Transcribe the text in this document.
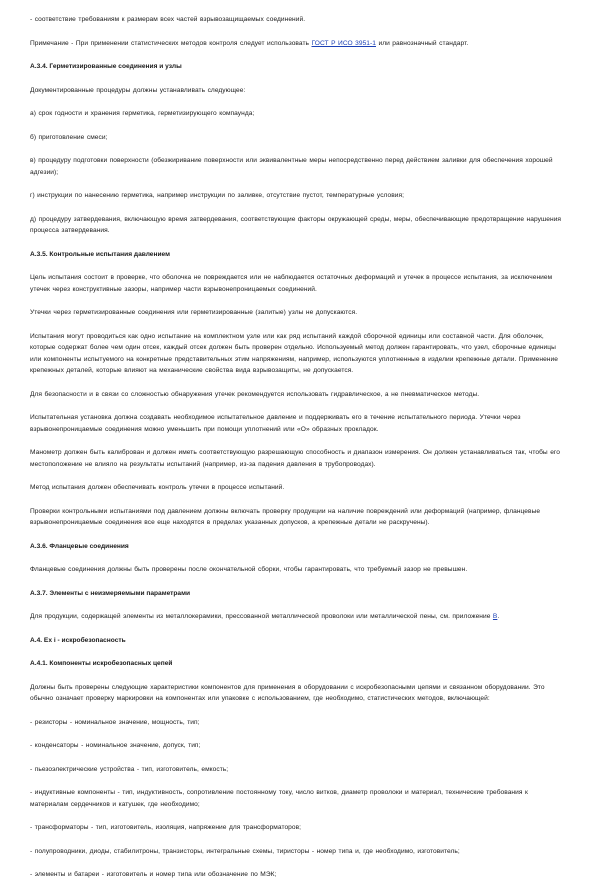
- соответствие требованиям к размерам всех частей взрывозащищаемых соединений.

Примечание - При применении статистических методов контроля следует использовать ГОСТ Р ИСО 3951-1 или равнозначный стандарт.

А.3.4. Герметизированные соединения и узлы

Документированные процедуры должны устанавливать следующее:

а) срок годности и хранения герметика, герметизирующего компаунда;

б) приготовление смеси;

в) процедуру подготовки поверхности (обезжиривание поверхности или эквивалентные меры непосредственно перед действием заливки для обеспечения хорошей адгезии);

г) инструкции по нанесению герметика, например инструкции по заливке, отсутствие пустот, температурные условия;

д) процедуру затвердевания, включающую время затвердевания, соответствующие факторы окружающей среды, меры, обеспечивающие предотвращение нарушения процесса затвердевания.

А.3.5. Контрольные испытания давлением

Цель испытания состоит в проверке, что оболочка не повреждается или не наблюдается остаточных деформаций и утечек в процессе испытания, за исключением утечек через конструктивные зазоры, например части взрывонепроницаемых соединений.

Утечки через герметизированные соединения или герметизированные (залитые) узлы не допускаются.

Испытания могут проводиться как одно испытание на комплектном узле или как ряд испытаний каждой сборочной единицы или составной части. Для оболочек, которые содержат более чем один отсек, каждый отсек должен быть проверен отдельно. Используемый метод должен гарантировать, что узел, сборочные единицы или компоненты испытуемого на конкретные представительных этим напряжениям, например, используются уплотненные в изделии крепежные детали. Применение крепежных деталей, которые влияют на механические свойства вида взрывозащиты, не допускается.

Для безопасности и в связи со сложностью обнаружения утечек рекомендуется использовать гидравлическое, а не пневматическое методы.

Испытательная установка должна создавать необходимое испытательное давление и поддерживать его в течение испытательного периода. Утечки через взрывонепроницаемые соединения можно уменьшить при помощи уплотнений или «O» образных прокладок.

Манометр должен быть калиброван и должен иметь соответствующую разрешающую способность и диапазон измерения. Он должен устанавливаться так, чтобы его местоположение не влияло на результаты испытаний (например, из-за падения давления в трубопроводах).

Метод испытания должен обеспечивать контроль утечки в процессе испытаний.

Проверки контрольными испытаниями под давлением должны включать проверку продукции на наличие повреждений или деформаций (например, фланцевые взрывонепроницаемые соединения все еще находятся в пределах указанных допусков, а крепежные детали не раскручены).

А.3.6. Фланцевые соединения

Фланцевые соединения должны быть проверены после окончательной сборки, чтобы гарантировать, что требуемый зазор не превышен.

А.3.7. Элементы с неизмеряемыми параметрами

Для продукции, содержащей элементы из металлокерамики, прессованной металлической проволоки или металлической пены, см. приложение В.

А.4. Ex i - искробезопасность

А.4.1. Компоненты искробезопасных цепей

Должны быть проверены следующие характеристики компонентов для применения в оборудовании с искробезопасными цепями и связанном оборудовании. Это обычно означает проверку маркировки на компонентах или упаковке с использованием, где необходимо, статистических методов, включающей:

- резисторы - номинальное значение, мощность, тип;

- конденсаторы - номинальное значение, допуск, тип;

- пьезоэлектрические устройства - тип, изготовитель, емкость;

- индуктивные компоненты - тип, индуктивность, сопротивление постоянному току, число витков, диаметр проволоки и материал, технические требования к материалам сердечников и катушек, где необходимо;

- трансформаторы - тип, изготовитель, изоляция, напряжение для трансформаторов;

- полупроводники, диоды, стабилитроны, транзисторы, интегральные схемы, тиристоры - номер типа и, где необходимо, изготовитель;

- элементы и батареи - изготовитель и номер типа или обозначение по МЭК;
